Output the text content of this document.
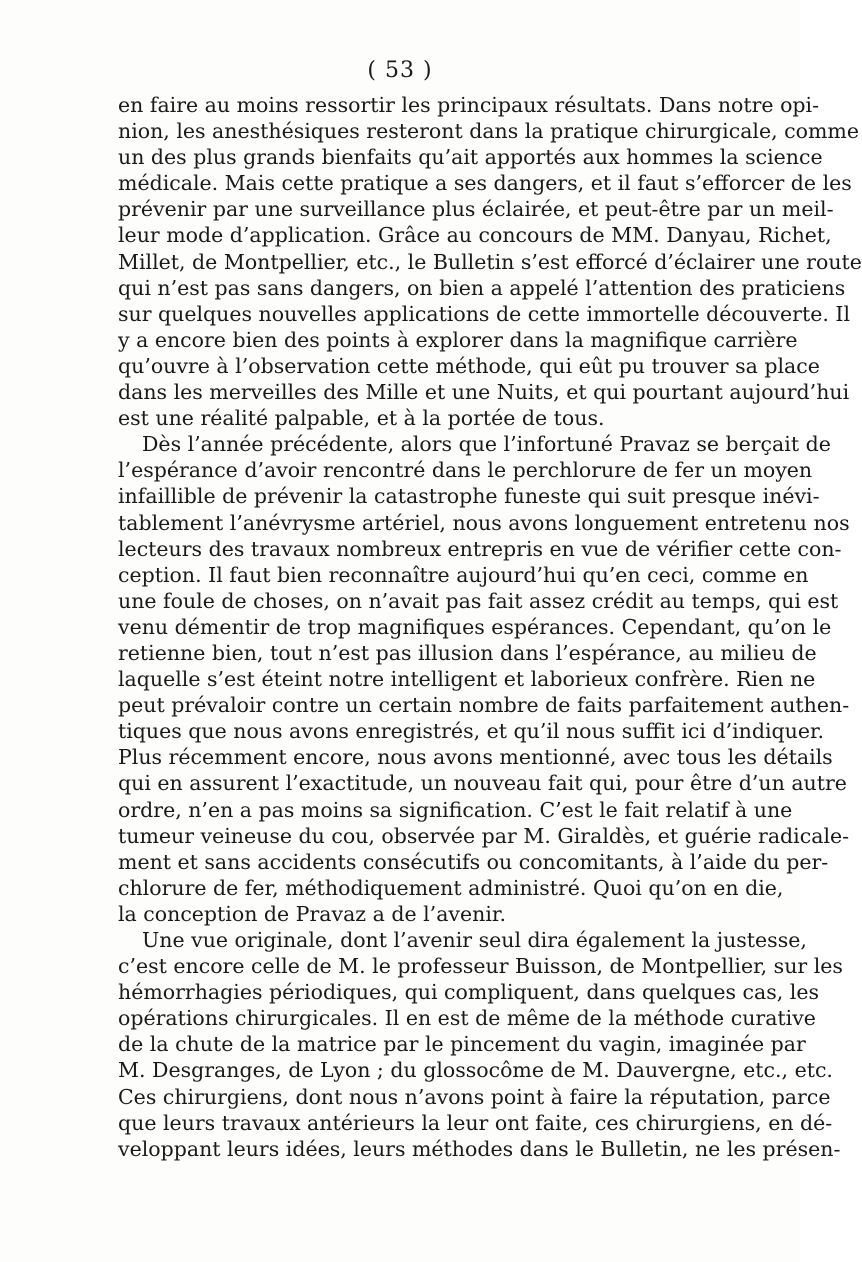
( 53 )
en faire au moins ressortir les principaux résultats. Dans notre opi-
nion, les anesthésiques resteront dans la pratique chirurgicale, comme
un des plus grands bienfaits qu’ait apportés aux hommes la science
médicale. Mais cette pratique a ses dangers, et il faut s’efforcer de les
prévenir par une surveillance plus éclairée, et peut-être par un meil-
leur mode d’application. Grâce au concours de MM. Danyau, Richet,
Millet, de Montpellier, etc., le Bulletin s’est efforcé d’éclairer une route
qui n’est pas sans dangers, on bien a appelé l’attention des praticiens
sur quelques nouvelles applications de cette immortelle découverte. Il
y a encore bien des points à explorer dans la magnifique carrière
qu’ouvre à l’observation cette méthode, qui eût pu trouver sa place
dans les merveilles des Mille et une Nuits, et qui pourtant aujourd’hui
est une réalité palpable, et à la portée de tous.
Dès l’année précédente, alors que l’infortuné Pravaz se berçait de
l’espérance d’avoir rencontré dans le perchlorure de fer un moyen
infaillible de prévenir la catastrophe funeste qui suit presque inévi-
tablement l’anévrysme artériel, nous avons longuement entretenu nos
lecteurs des travaux nombreux entrepris en vue de vérifier cette con-
ception. Il faut bien reconnaître aujourd’hui qu’en ceci, comme en
une foule de choses, on n’avait pas fait assez crédit au temps, qui est
venu démentir de trop magnifiques espérances. Cependant, qu’on le
retienne bien, tout n’est pas illusion dans l’espérance, au milieu de
laquelle s’est éteint notre intelligent et laborieux confrère. Rien ne
peut prévaloir contre un certain nombre de faits parfaitement authen-
tiques que nous avons enregistrés, et qu’il nous suffit ici d’indiquer.
Plus récemment encore, nous avons mentionné, avec tous les détails
qui en assurent l’exactitude, un nouveau fait qui, pour être d’un autre
ordre, n’en a pas moins sa signification. C’est le fait relatif à une
tumeur veineuse du cou, observée par M. Giraldès, et guérie radicale-
ment et sans accidents consécutifs ou concomitants, à l’aide du per-
chlorure de fer, méthodiquement administré. Quoi qu’on en die,
la conception de Pravaz a de l’avenir.
Une vue originale, dont l’avenir seul dira également la justesse,
c’est encore celle de M. le professeur Buisson, de Montpellier, sur les
hémorrhagies périodiques, qui compliquent, dans quelques cas, les
opérations chirurgicales. Il en est de même de la méthode curative
de la chute de la matrice par le pincement du vagin, imaginée par
M. Desgranges, de Lyon ; du glossocôme de M. Dauvergne, etc., etc.
Ces chirurgiens, dont nous n’avons point à faire la réputation, parce
que leurs travaux antérieurs la leur ont faite, ces chirurgiens, en dé-
veloppant leurs idées, leurs méthodes dans le Bulletin, ne les présen-
